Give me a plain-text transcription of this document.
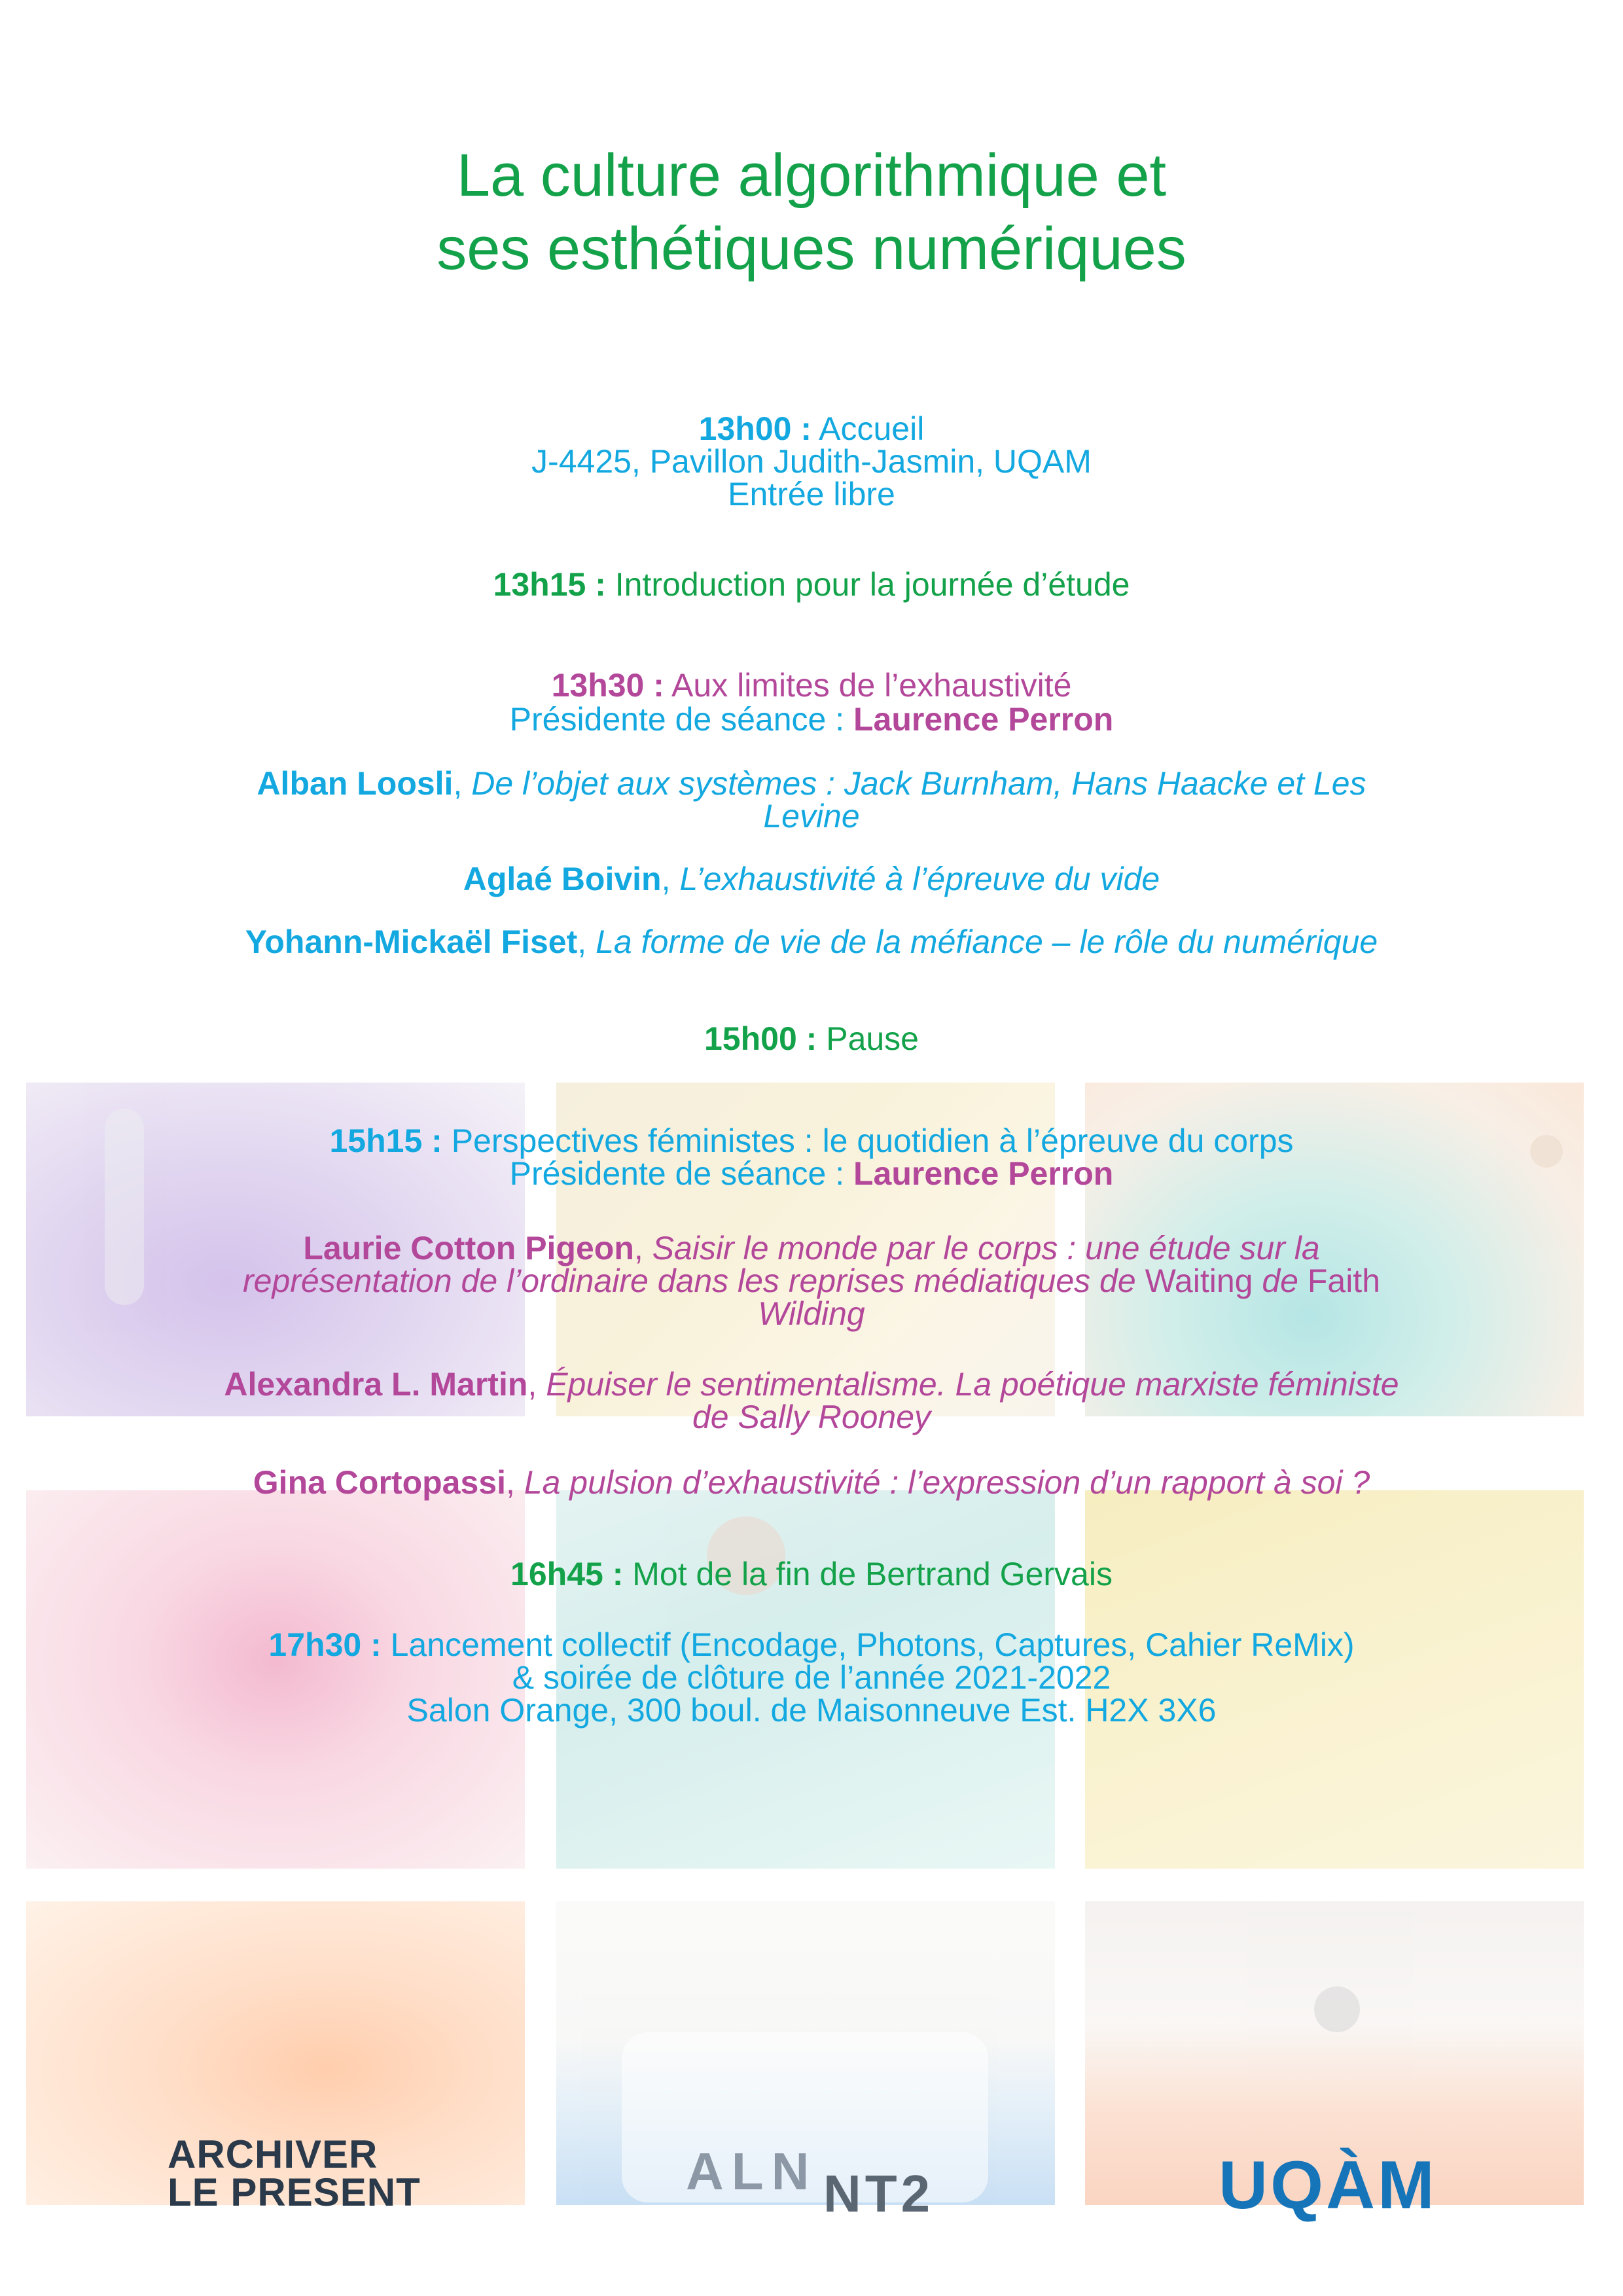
La culture algorithmique et
ses esthétiques numériques

13h00 : Accueil

J-4425, Pavillon Judith-Jasmin, UQAM

Entrée libre

13h15 : Introduction pour la journée d’étude

13h30 : Aux limites de l’exhaustivité

Présidente de séance : Laurence Perron

Alban Loosli, De l’objet aux systèmes : Jack Burnham, Hans Haacke et Les

Levine

Aglaé Boivin, L’exhaustivité à l’épreuve du vide

Yohann-Mickaël Fiset, La forme de vie de la méfiance – le rôle du numérique

15h00 : Pause

15h15 : Perspectives féministes : le quotidien à l’épreuve du corps

Présidente de séance : Laurence Perron

Laurie Cotton Pigeon, Saisir le monde par le corps : une étude sur la

représentation de l’ordinaire dans les reprises médiatiques de Waiting de Faith

Wilding

Alexandra L. Martin, Épuiser le sentimentalisme. La poétique marxiste féministe

de Sally Rooney

Gina Cortopassi, La pulsion d’exhaustivité : l’expression d’un rapport à soi ?

16h45 : Mot de la fin de Bertrand Gervais

17h30 : Lancement collectif (Encodage, Photons, Captures, Cahier ReMix)

& soirée de clôture de l’année 2021-2022

Salon Orange, 300 boul. de Maisonneuve Est. H2X 3X6

ARCHIVER
LE PRESENT	ALN NT2	UQÀM
